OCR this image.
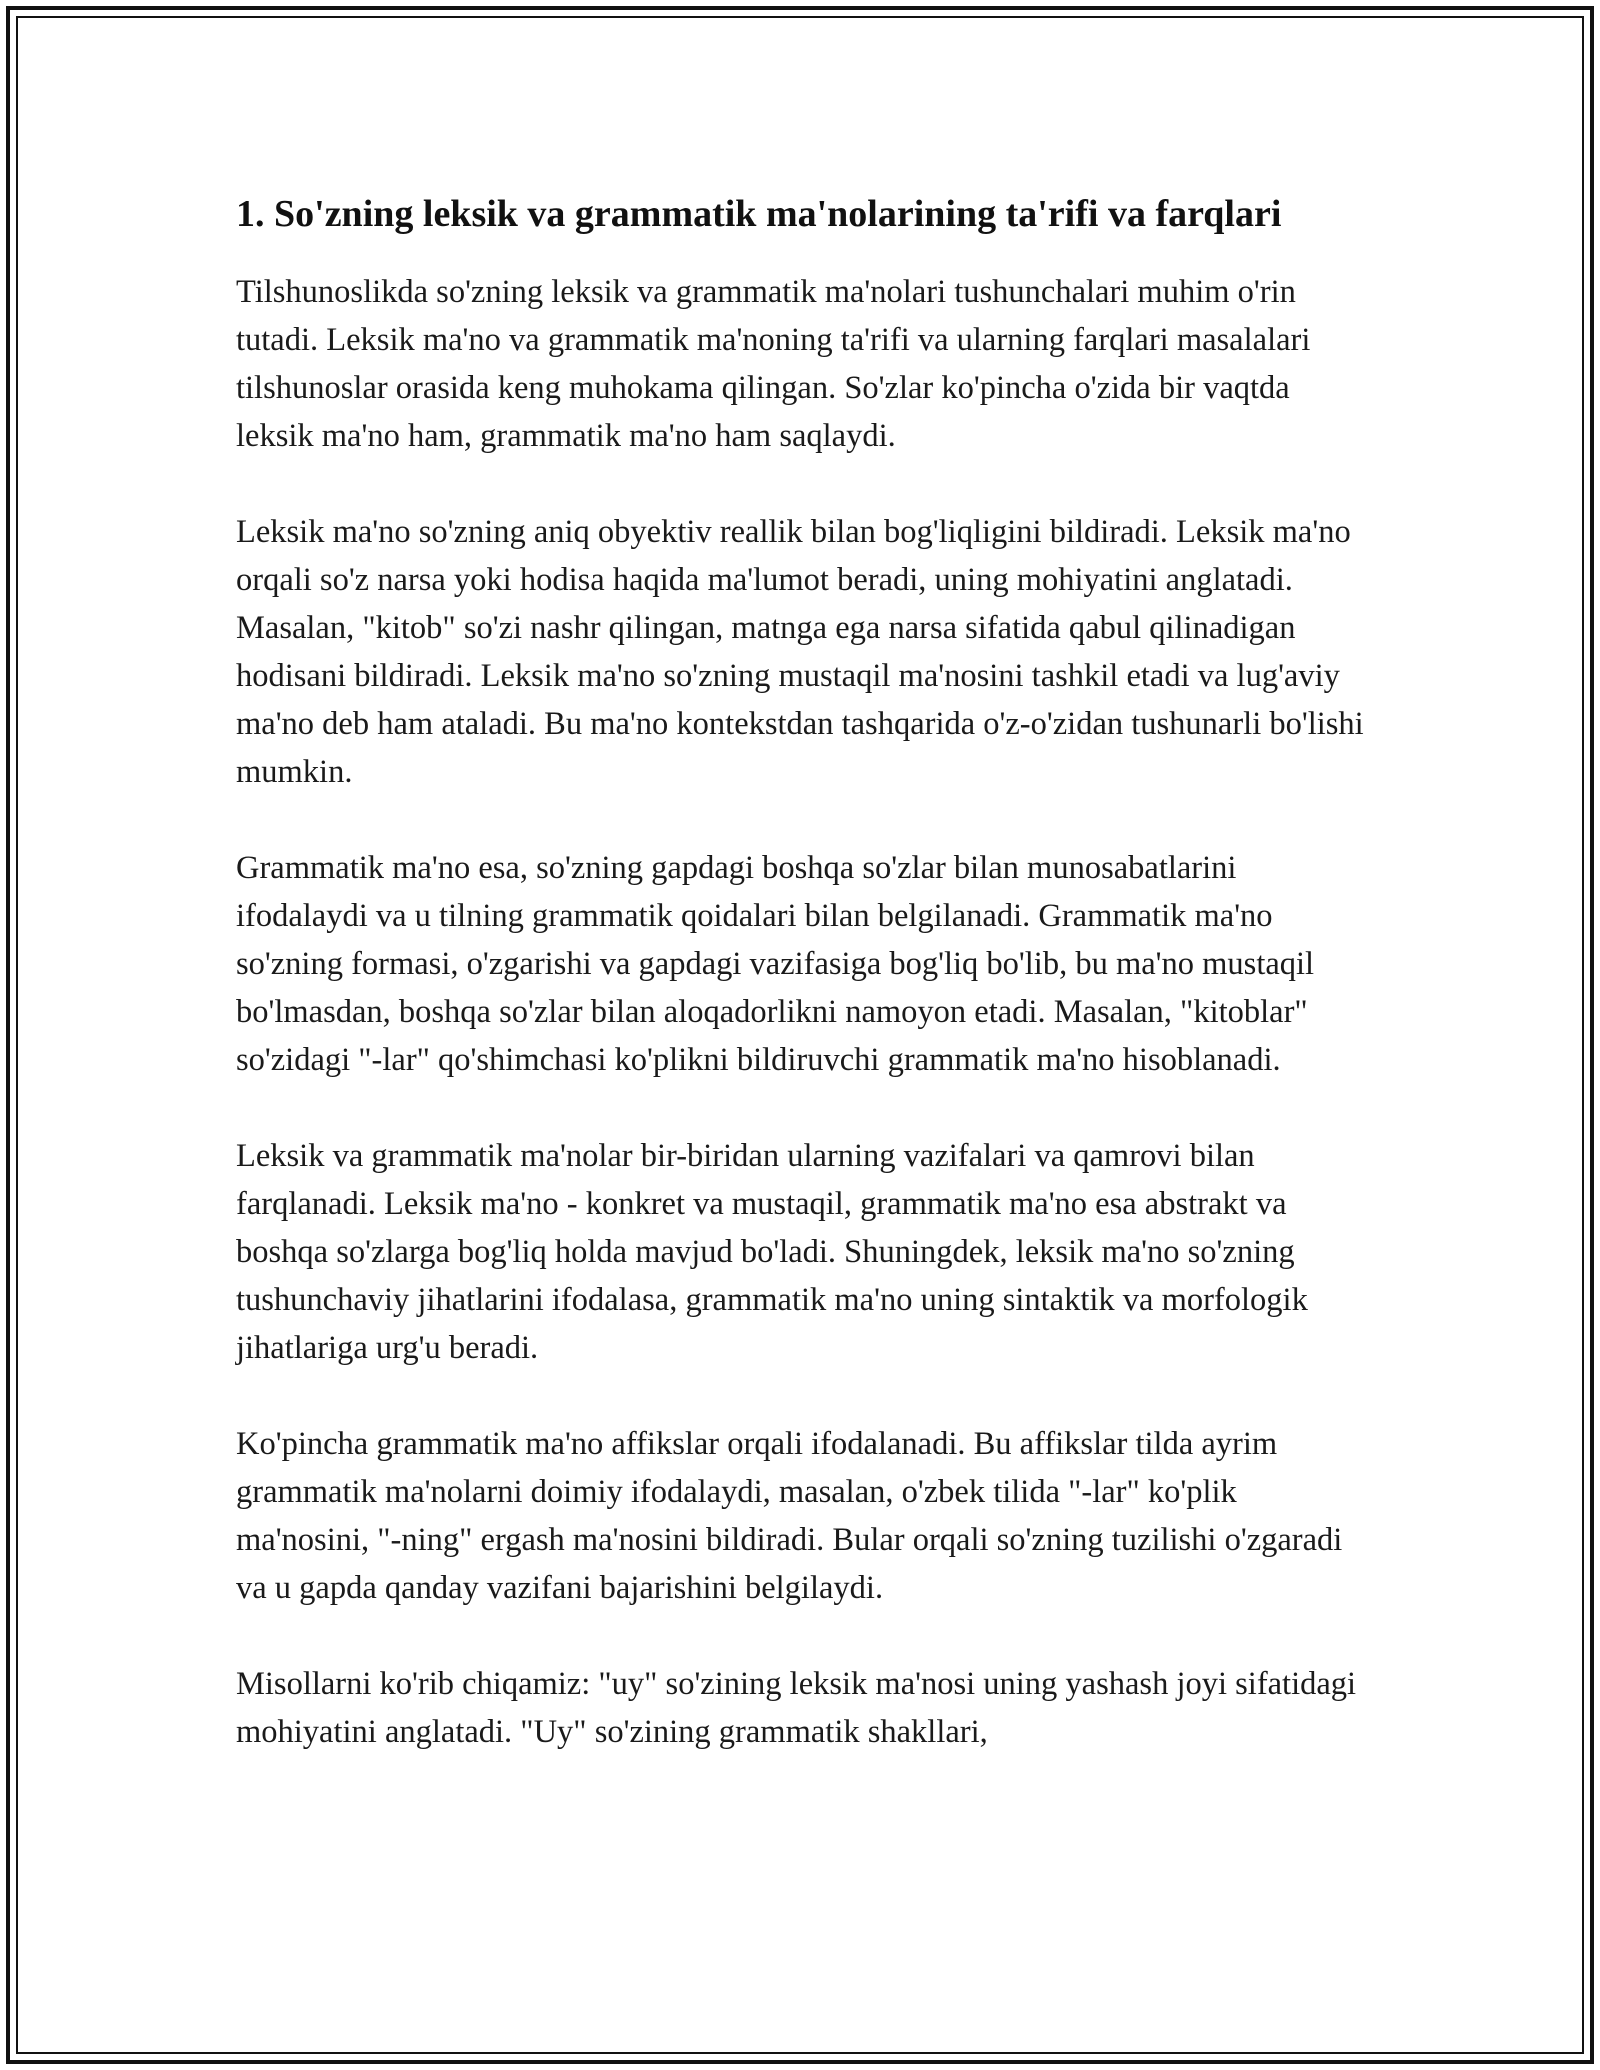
1. So'zning leksik va grammatik ma'nolarining ta'rifi va farqlari

Tilshunoslikda so'zning leksik va grammatik ma'nolari tushunchalari muhim o'rin tutadi. Leksik ma'no va grammatik ma'noning ta'rifi va ularning farqlari masalalari tilshunoslar orasida keng muhokama qilingan. So'zlar ko'pincha o'zida bir vaqtda leksik ma'no ham, grammatik ma'no ham saqlaydi.

Leksik ma'no so'zning aniq obyektiv reallik bilan bog'liqligini bildiradi. Leksik ma'no orqali so'z narsa yoki hodisa haqida ma'lumot beradi, uning mohiyatini anglatadi. Masalan, "kitob" so'zi nashr qilingan, matnga ega narsa sifatida qabul qilinadigan hodisani bildiradi. Leksik ma'no so'zning mustaqil ma'nosini tashkil etadi va lug'aviy ma'no deb ham ataladi. Bu ma'no kontekstdan tashqarida o'z-o'zidan tushunarli bo'lishi mumkin.

Grammatik ma'no esa, so'zning gapdagi boshqa so'zlar bilan munosabatlarini ifodalaydi va u tilning grammatik qoidalari bilan belgilanadi. Grammatik ma'no so'zning formasi, o'zgarishi va gapdagi vazifasiga bog'liq bo'lib, bu ma'no mustaqil bo'lmasdan, boshqa so'zlar bilan aloqadorlikni namoyon etadi. Masalan, "kitoblar" so'zidagi "-lar" qo'shimchasi ko'plikni bildiruvchi grammatik ma'no hisoblanadi.

Leksik va grammatik ma'nolar bir-biridan ularning vazifalari va qamrovi bilan farqlanadi. Leksik ma'no - konkret va mustaqil, grammatik ma'no esa abstrakt va boshqa so'zlarga bog'liq holda mavjud bo'ladi. Shuningdek, leksik ma'no so'zning tushunchaviy jihatlarini ifodalasa, grammatik ma'no uning sintaktik va morfologik jihatlariga urg'u beradi.

Ko'pincha grammatik ma'no affikslar orqali ifodalanadi. Bu affikslar tilda ayrim grammatik ma'nolarni doimiy ifodalaydi, masalan, o'zbek tilida "-lar" ko'plik ma'nosini, "-ning" ergash ma'nosini bildiradi. Bular orqali so'zning tuzilishi o'zgaradi va u gapda qanday vazifani bajarishini belgilaydi.

Misollarni ko'rib chiqamiz: "uy" so'zining leksik ma'nosi uning yashash joyi sifatidagi mohiyatini anglatadi. "Uy" so'zining grammatik shakllari,
